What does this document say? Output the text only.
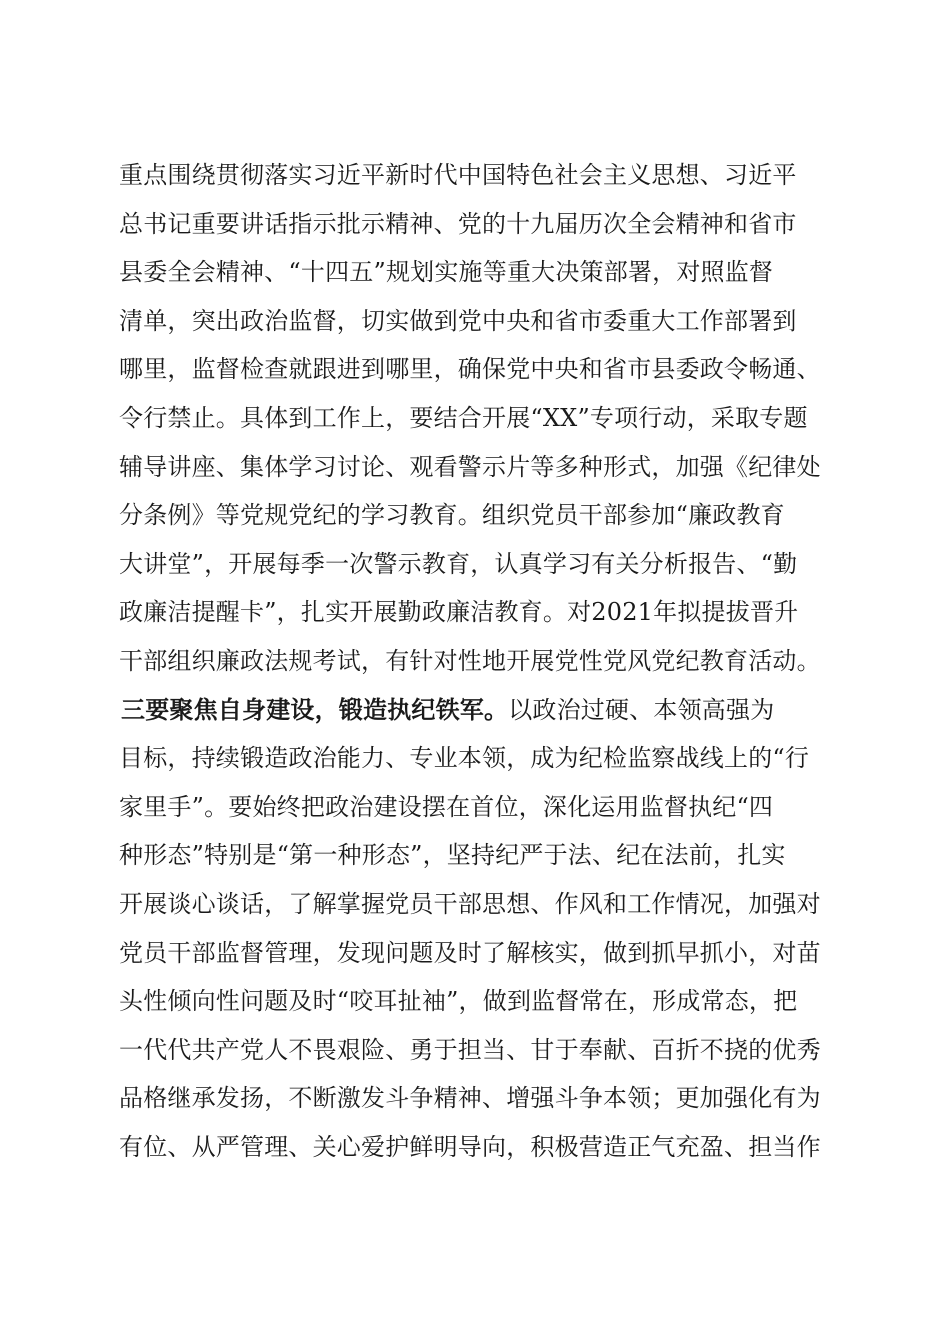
重点围绕贯彻落实习近平新时代中国特色社会主义思想、习近平
总书记重要讲话指示批示精神、党的十九届历次全会精神和省市
县委全会精神、“十四五”规划实施等重大决策部署，对照监督
清单，突出政治监督，切实做到党中央和省市委重大工作部署到
哪里，监督检查就跟进到哪里，确保党中央和省市县委政令畅通、
令行禁止。具体到工作上，要结合开展“XX”专项行动，采取专题
辅导讲座、集体学习讨论、观看警示片等多种形式，加强《纪律处
分条例》等党规党纪的学习教育。组织党员干部参加“廉政教育
大讲堂”，开展每季一次警示教育，认真学习有关分析报告、“勤
政廉洁提醒卡”，扎实开展勤政廉洁教育。对2021年拟提拔晋升
干部组织廉政法规考试，有针对性地开展党性党风党纪教育活动。
三要聚焦自身建设，锻造执纪铁军。以政治过硬、本领高强为
目标，持续锻造政治能力、专业本领，成为纪检监察战线上的“行
家里手”。要始终把政治建设摆在首位，深化运用监督执纪“四
种形态”特别是“第一种形态”，坚持纪严于法、纪在法前，扎实
开展谈心谈话，了解掌握党员干部思想、作风和工作情况，加强对
党员干部监督管理，发现问题及时了解核实，做到抓早抓小，对苗
头性倾向性问题及时“咬耳扯袖”，做到监督常在，形成常态，把
一代代共产党人不畏艰险、勇于担当、甘于奉献、百折不挠的优秀
品格继承发扬，不断激发斗争精神、增强斗争本领；更加强化有为
有位、从严管理、关心爱护鲜明导向，积极营造正气充盈、担当作
